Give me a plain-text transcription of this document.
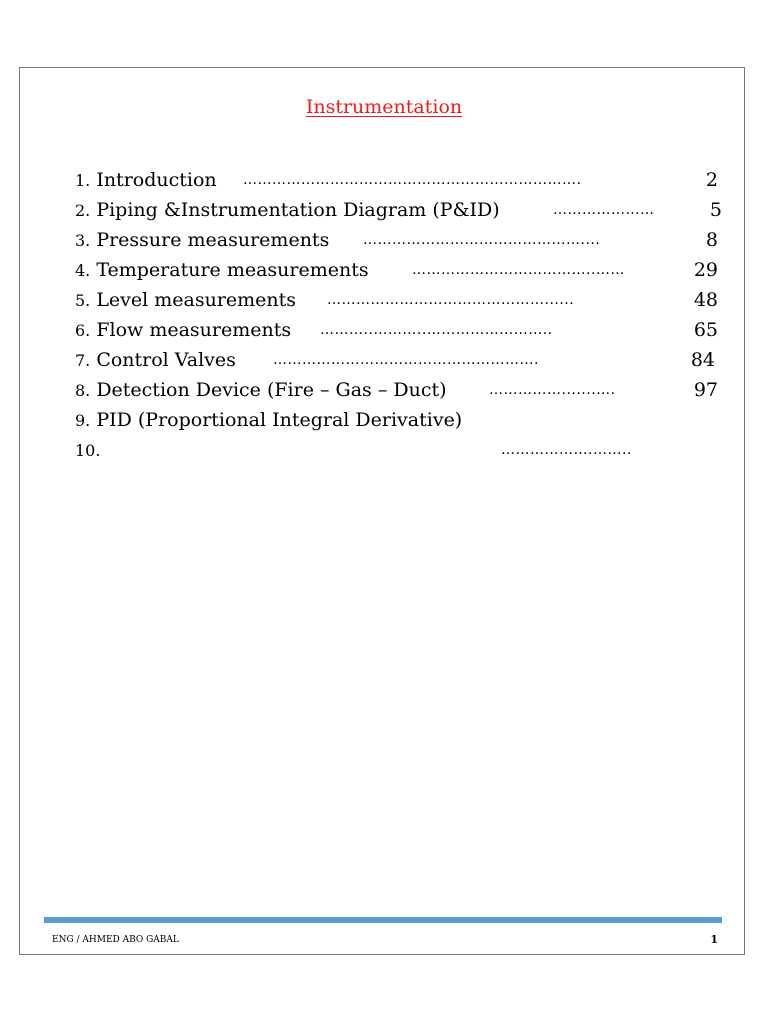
Instrumentation
1. Introduction …………………………………………………………….	2
2. Piping &Instrumentation Diagram (P&ID)	…………………	5
3. Pressure measurements ………………………………………....	8
4. Temperature measurements	………………………………..……	29
5. Level measurements ………………………………………......	48
6. Flow measurements ………..………..……………………..	65
7. Control Valves	……………………………………………….	84
8. Detection Device (Fire – Gas – Duct)	…………….......….	97
9. PID (Proportional Integral Derivative)
10.	……………….……..
ENG / AHMED ABO GABAL	1
